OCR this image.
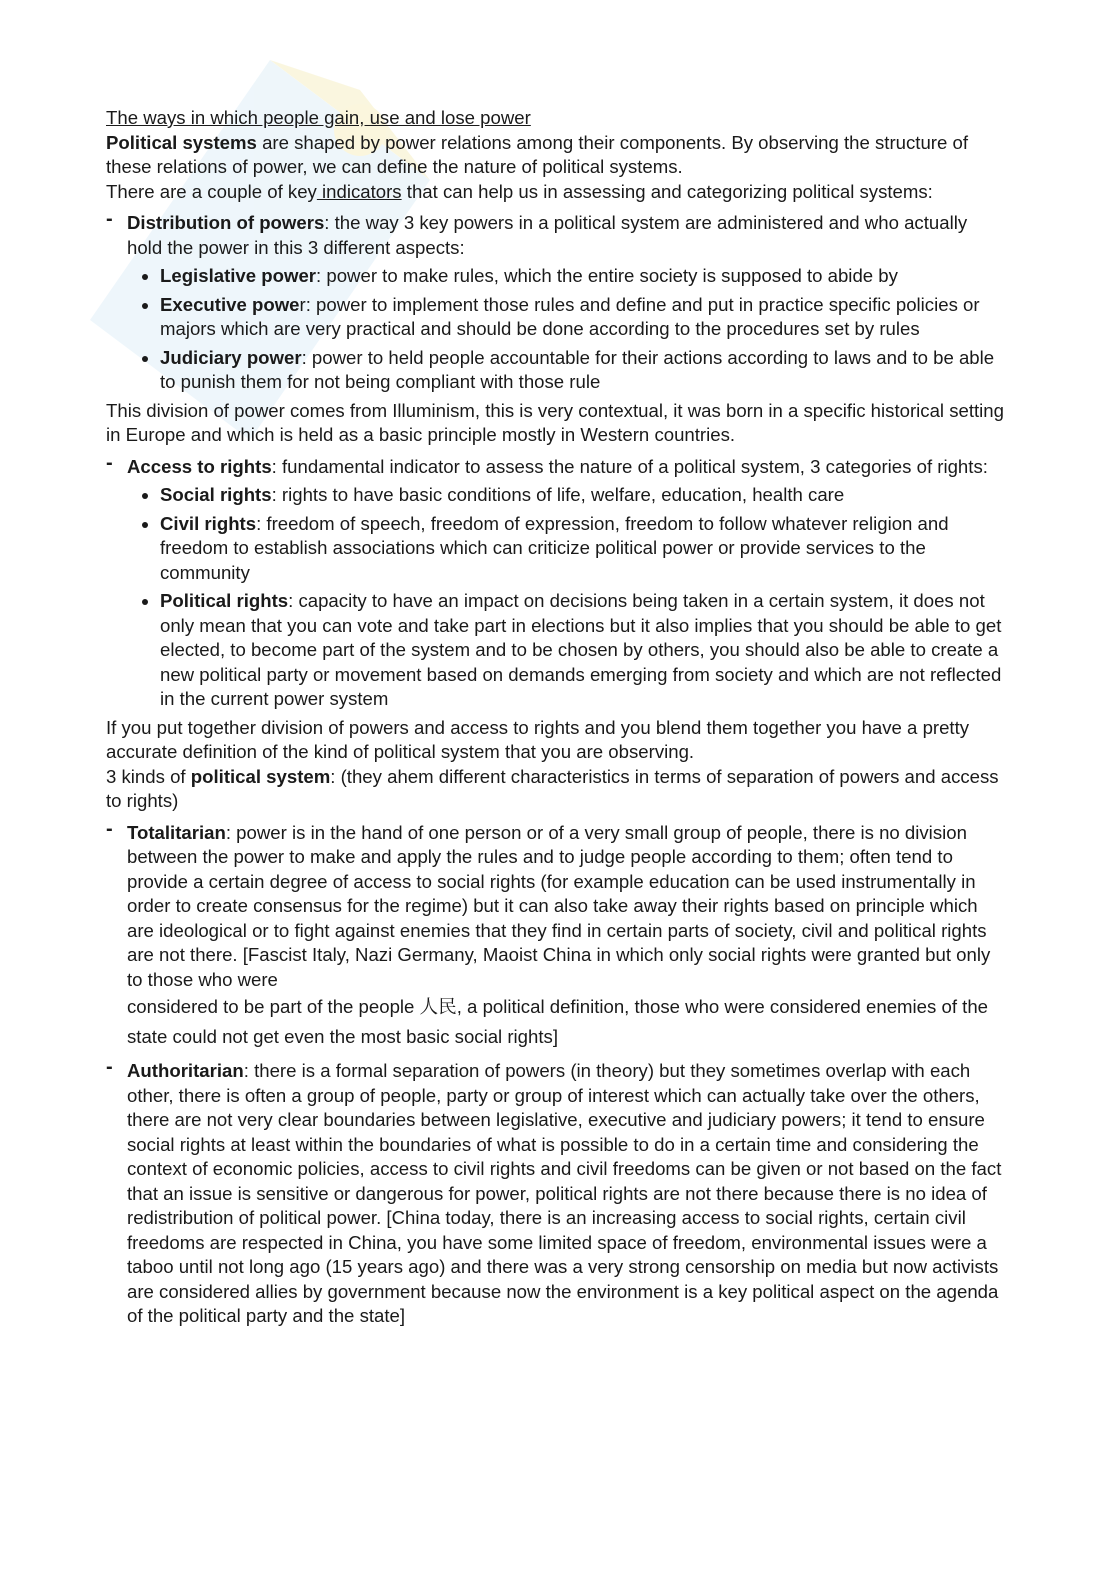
The ways in which people gain, use and lose power

Political systems are shaped by power relations among their components. By observing the structure of these relations of power, we can define the nature of political systems.

There are a couple of key indicators that can help us in assessing and categorizing political systems:

- Distribution of powers: the way 3 key powers in a political system are administered and who actually hold the power in this 3 different aspects:

Legislative power: power to make rules, which the entire society is supposed to abide by
Executive power: power to implement those rules and define and put in practice specific policies or majors which are very practical and should be done according to the procedures set by rules
Judiciary power: power to held people accountable for their actions according to laws and to be able to punish them for not being compliant with those rule

This division of power comes from Illuminism, this is very contextual, it was born in a specific historical setting in Europe and which is held as a basic principle mostly in Western countries.

- Access to rights: fundamental indicator to assess the nature of a political system, 3 categories of rights:

Social rights: rights to have basic conditions of life, welfare, education, health care
Civil rights: freedom of speech, freedom of expression, freedom to follow whatever religion and freedom to establish associations which can criticize political power or provide services to the community
Political rights: capacity to have an impact on decisions being taken in a certain system, it does not only mean that you can vote and take part in elections but it also implies that you should be able to get elected, to become part of the system and to be chosen by others, you should also be able to create a new political party or movement based on demands emerging from society and which are not reflected in the current power system

If you put together division of powers and access to rights and you blend them together you have a pretty accurate definition of the kind of political system that you are observing.

3 kinds of political system: (they ahem different characteristics in terms of separation of powers and access to rights)

- Totalitarian: power is in the hand of one person or of a very small group of people, there is no division between the power to make and apply the rules and to judge people according to them; often tend to provide a certain degree of access to social rights (for example education can be used instrumentally in order to create consensus for the regime) but it can also take away their rights based on principle which are ideological or to fight against enemies that they find in certain parts of society, civil and political rights are not there. [Fascist Italy, Nazi Germany, Maoist China in which only social rights were granted but only to those who were

considered to be part of the people 人民, a political definition, those who were considered enemies of the state could not get even the most basic social rights]

- Authoritarian: there is a formal separation of powers (in theory) but they sometimes overlap with each other, there is often a group of people, party or group of interest which can actually take over the others, there are not very clear boundaries between legislative, executive and judiciary powers; it tend to ensure social rights at least within the boundaries of what is possible to do in a certain time and considering the context of economic policies, access to civil rights and civil freedoms can be given or not based on the fact that an issue is sensitive or dangerous for power, political rights are not there because there is no idea of redistribution of political power. [China today, there is an increasing access to social rights, certain civil freedoms are respected in China, you have some limited space of freedom, environmental issues were a taboo until not long ago (15 years ago) and there was a very strong censorship on media but now activists are considered allies by government because now the environment is a key political aspect on the agenda of the political party and the state]
